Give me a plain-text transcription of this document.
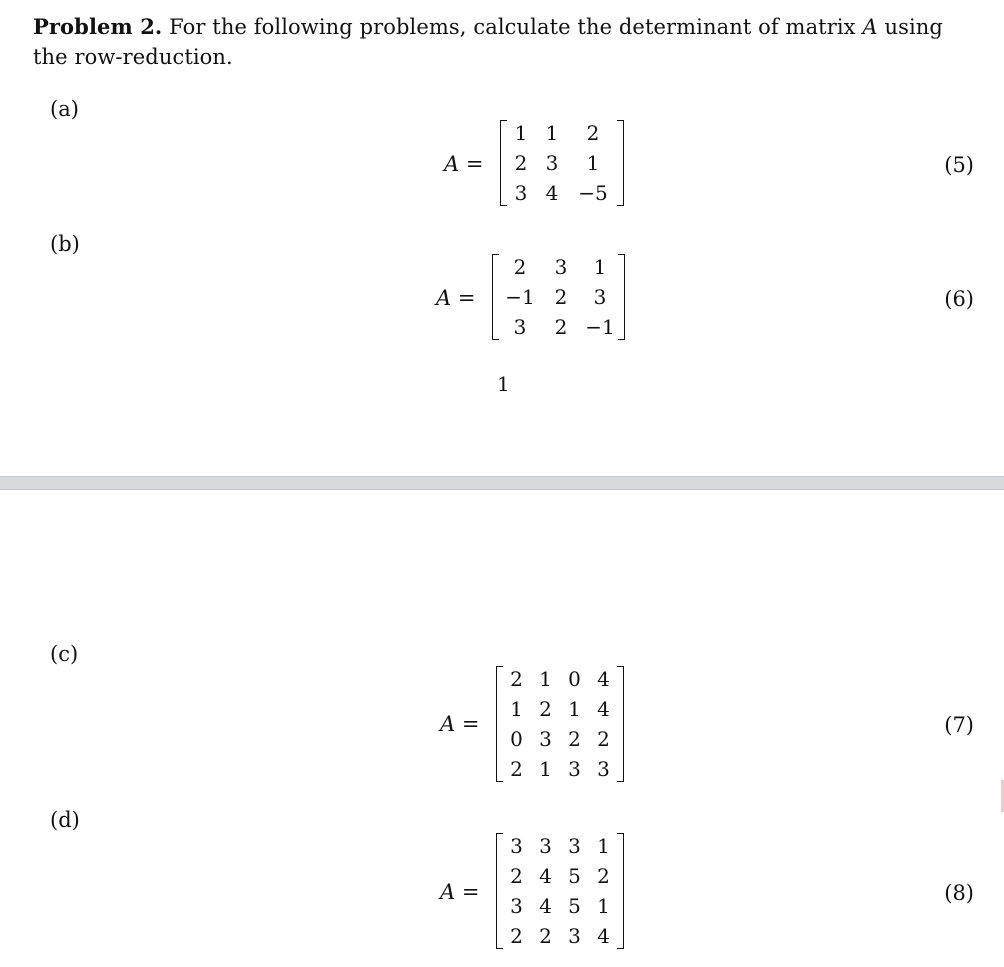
Problem 2. For the following problems, calculate the determinant of matrix A using the row-reduction.
(a)
A =
1 1	2
2 3	1
3 4 −5
(5)
(b)
A =
2	3	1
−1 2	3
3	2 −1
(6)
1
(c)
A =
2 1 0 4
1 2 1 4
0 3 2 2
2 1 3 3
(7)
(d)
A =
3 3 3 1
2 4 5 2
3 4 5 1
2 2 3 4
(8)
